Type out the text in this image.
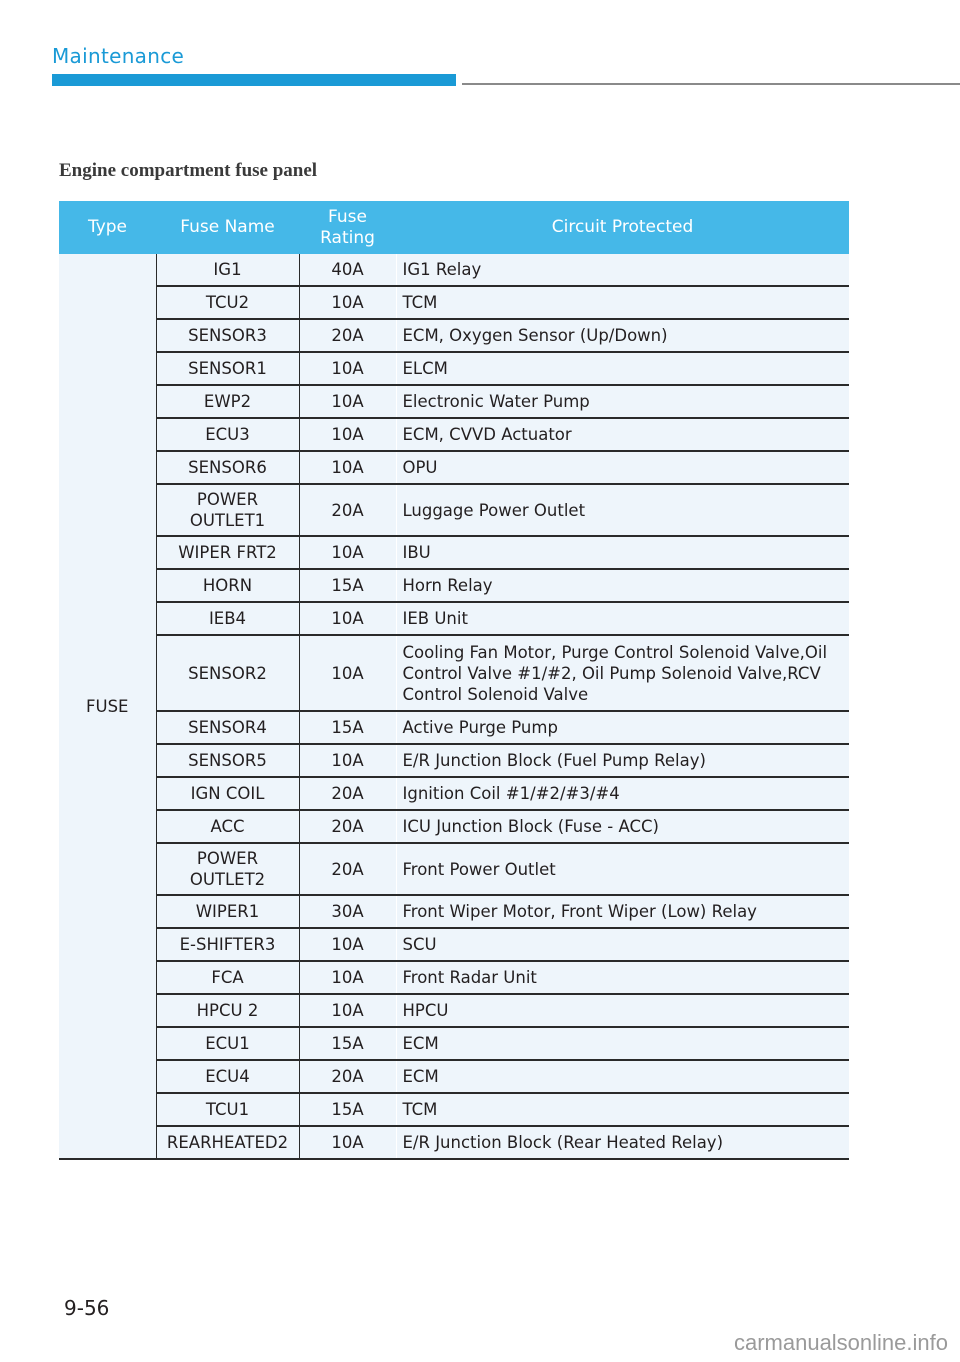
Maintenance
Engine compartment fuse panel
Type	Fuse Name	Fuse Rating	Circuit Protected
FUSE	IG1	40A	IG1 Relay
	TCU2	10A	TCM
	SENSOR3	20A	ECM, Oxygen Sensor (Up/Down)
	SENSOR1	10A	ELCM
	EWP2	10A	Electronic Water Pump
	ECU3	10A	ECM, CVVD Actuator
	SENSOR6	10A	OPU
	POWER OUTLET1	20A	Luggage Power Outlet
	WIPER FRT2	10A	IBU
	HORN	15A	Horn Relay
	IEB4	10A	IEB Unit
	SENSOR2	10A	Cooling Fan Motor, Purge Control Solenoid Valve,Oil Control Valve #1/#2, Oil Pump Solenoid Valve,RCV Control Solenoid Valve
	SENSOR4	15A	Active Purge Pump
	SENSOR5	10A	E/R Junction Block (Fuel Pump Relay)
	IGN COIL	20A	Ignition Coil #1/#2/#3/#4
	ACC	20A	ICU Junction Block (Fuse - ACC)
	POWER OUTLET2	20A	Front Power Outlet
	WIPER1	30A	Front Wiper Motor, Front Wiper (Low) Relay
	E-SHIFTER3	10A	SCU
	FCA	10A	Front Radar Unit
	HPCU 2	10A	HPCU
	ECU1	15A	ECM
	ECU4	20A	ECM
	TCU1	15A	TCM
	REARHEATED2	10A	E/R Junction Block (Rear Heated Relay)
9-56
carmanualsonline.info
